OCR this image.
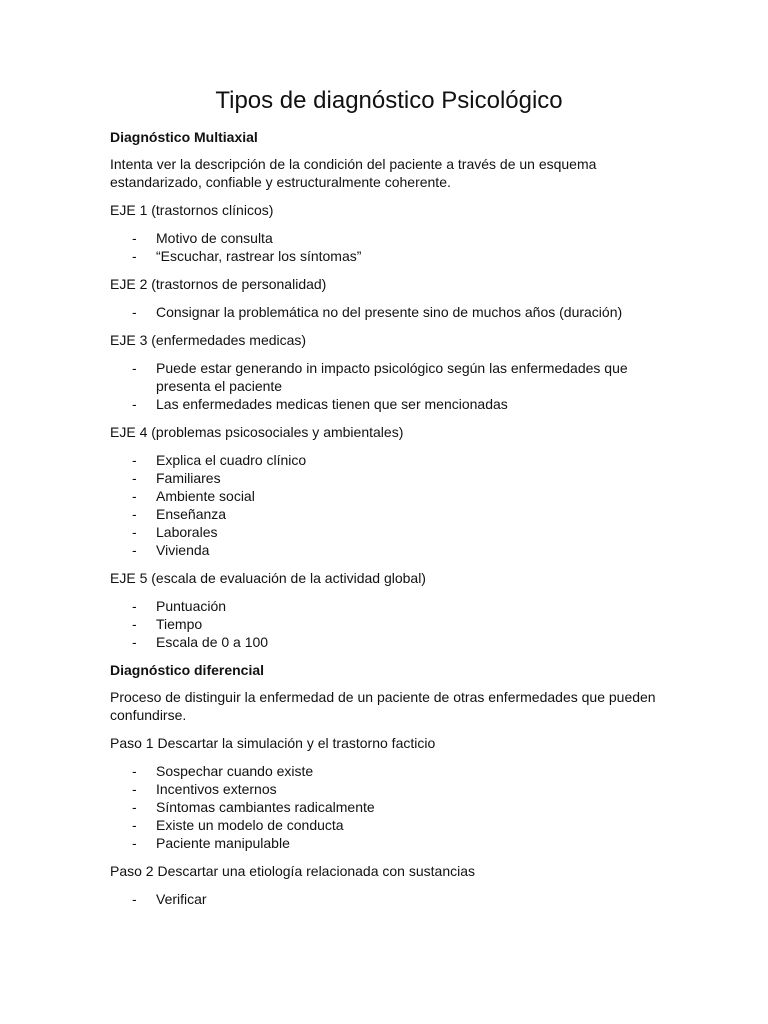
Tipos de diagnóstico Psicológico
Diagnóstico Multiaxial

Intenta ver la descripción de la condición del paciente a través de un esquema estandarizado, confiable y estructuralmente coherente.

EJE 1 (trastornos clínicos)
- Motivo de consulta
- “Escuchar, rastrear los síntomas”
EJE 2 (trastornos de personalidad)
- Consignar la problemática no del presente sino de muchos años (duración)
EJE 3 (enfermedades medicas)
- Puede estar generando in impacto psicológico según las enfermedades que presenta el paciente
- Las enfermedades medicas tienen que ser mencionadas
EJE 4 (problemas psicosociales y ambientales)
- Explica el cuadro clínico
- Familiares
- Ambiente social
- Enseñanza
- Laborales
- Vivienda
EJE 5 (escala de evaluación de la actividad global)
- Puntuación
- Tiempo
- Escala de 0 a 100
Diagnóstico diferencial

Proceso de distinguir la enfermedad de un paciente de otras enfermedades que pueden confundirse.

Paso 1 Descartar la simulación y el trastorno facticio
- Sospechar cuando existe
- Incentivos externos
- Síntomas cambiantes radicalmente
- Existe un modelo de conducta
- Paciente manipulable
Paso 2 Descartar una etiología relacionada con sustancias
- Verificar
